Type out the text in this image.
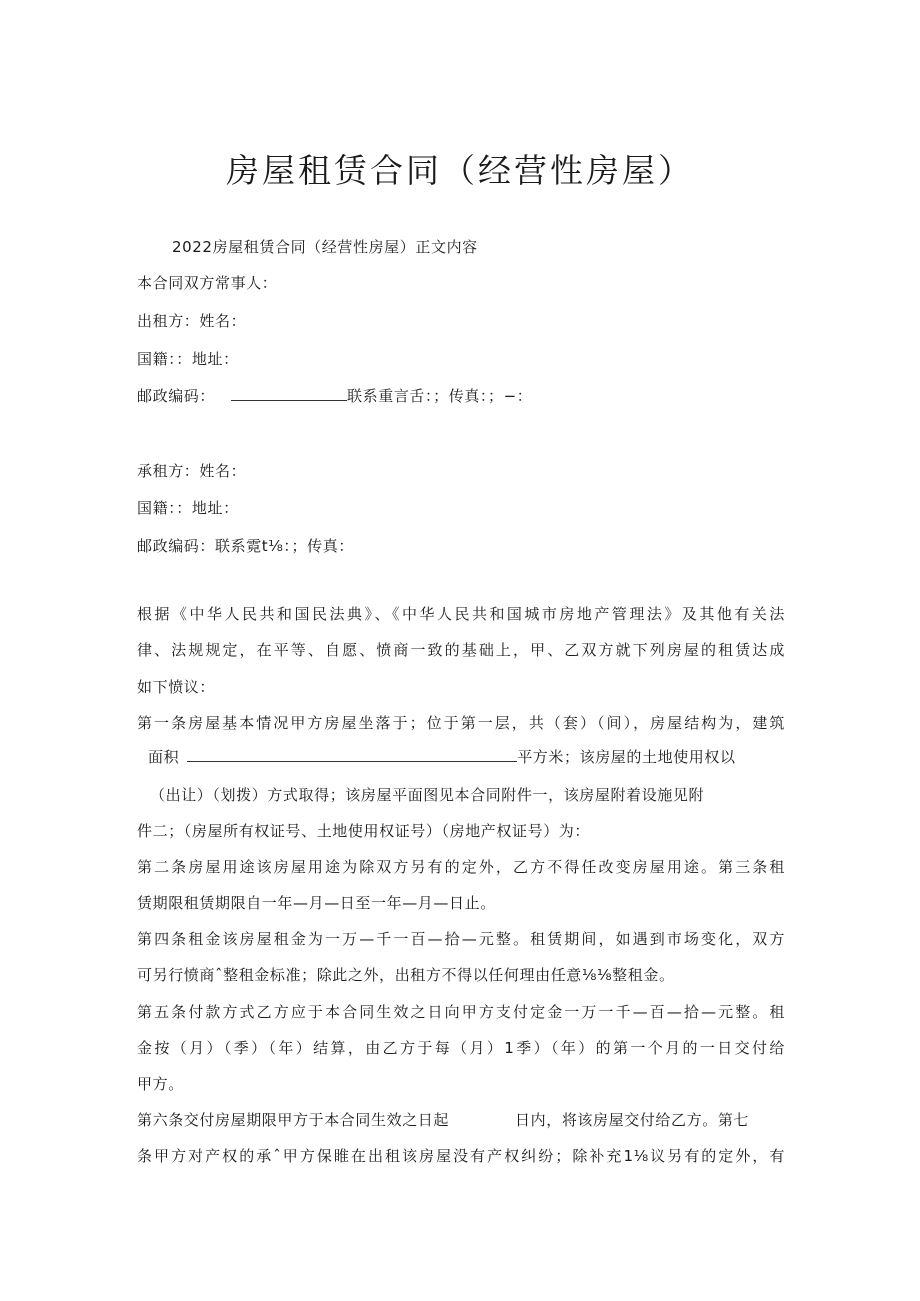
房屋租赁合同（经营性房屋）
2022房屋租赁合同（经营性房屋）正文内容
本合同双方常事人：
出租方：姓名：
国籍：：地址：
邮政编码：	联系重言舌：；传真：；−：
承租方：姓名：
国籍：：地址：
邮政编码：联系霓t⅛：；传真：
根据《中华人民共和国民法典》、《中华人民共和国城市房地产管理法》及其他有关法
律、法规规定，在平等、自愿、愤商一致的基础上，甲、乙双方就下列房屋的租赁达成
如下愤议：
第一条房屋基本情况甲方房屋坐落于；位于第一层，共（套）（间），房屋结构为，建筑
面积	平方米；该房屋的土地使用权以
（出让）（划拨）方式取得；该房屋平面图见本合同附件一，该房屋附着设施见附
件二；（房屋所有权证号、土地使用权证号）（房地产权证号）为：
第二条房屋用途该房屋用途为除双方另有的定外，乙方不得任改变房屋用途。第三条租
赁期限租赁期限自一年—月—日至一年—月—日止。
第四条租金该房屋租金为一万—千一百—拾—元整。租赁期间，如遇到市场变化，双方
可另行愤商ˆ整租金标准；除此之外，出租方不得以任何理由任意⅛⅛整租金。
第五条付款方式乙方应于本合同生效之日向甲方支付定金一万一千—百—拾—元整。租
金按（月）（季）（年）结算，由乙方于每（月）1季）（年）的第一个月的一日交付给
甲方。
第六条交付房屋期限甲方于本合同生效之日起	日内，将该房屋交付给乙方。第七
条甲方对产权的承ˆ甲方保睢在出租该房屋没有产权纠纷；除补充1⅛议另有的定外，有
